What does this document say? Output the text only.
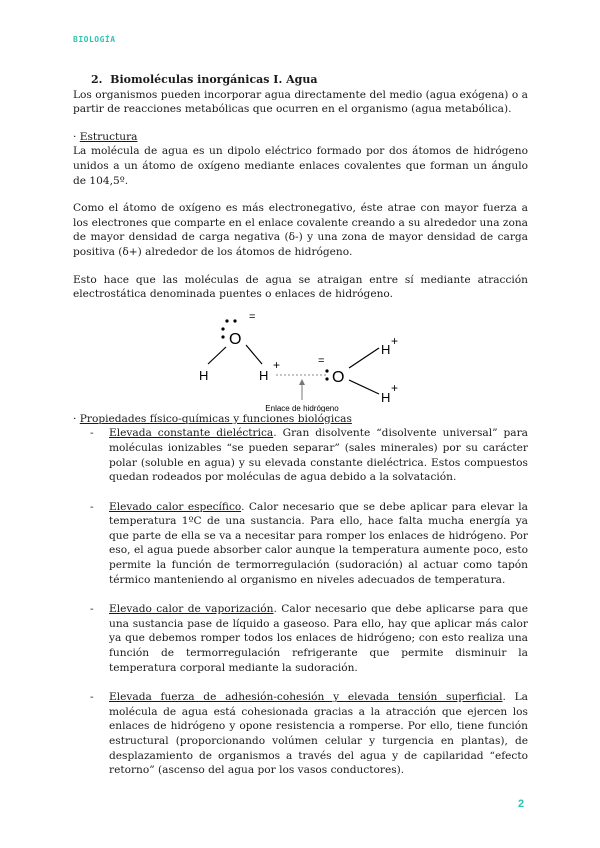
BIOLOGÍA

2. Biomoléculas inorgánicas I. Agua

Los organismos pueden incorporar agua directamente del medio (agua exógena) o a partir de reacciones metabólicas que ocurren en el organismo (agua metabólica).

· Estructura

La molécula de agua es un dipolo eléctrico formado por dos átomos de hidrógeno unidos a un átomo de oxígeno mediante enlaces covalentes que forman un ángulo de 104,5º.

Como el átomo de oxígeno es más electronegativo, éste atrae con mayor fuerza a los electrones que comparte en el enlace covalente creando a su alrededor una zona de mayor densidad de carga negativa (δ-) y una zona de mayor densidad de carga positiva (δ+) alrededor de los átomos de hidrógeno.

Esto hace que las moléculas de agua se atraigan entre sí mediante atracción electrostática denominada puentes o enlaces de hidrógeno.

=
O
H	H
+	=
O
H
+
H
+
Enlace de hidrógeno

· Propiedades físico-químicas y funciones biológicas

- Elevada constante dieléctrica. Gran disolvente “disolvente universal” para moléculas ionizables “se pueden separar” (sales minerales) por su carácter polar (soluble en agua) y su elevada constante dieléctrica. Estos compuestos quedan rodeados por moléculas de agua debido a la solvatación.
- Elevado calor específico. Calor necesario que se debe aplicar para elevar la temperatura 1ºC de una sustancia. Para ello, hace falta mucha energía ya que parte de ella se va a necesitar para romper los enlaces de hidrógeno. Por eso, el agua puede absorber calor aunque la temperatura aumente poco, esto permite la función de termorregulación (sudoración) al actuar como tapón térmico manteniendo al organismo en niveles adecuados de temperatura.
- Elevado calor de vaporización. Calor necesario que debe aplicarse para que una sustancia pase de líquido a gaseoso. Para ello, hay que aplicar más calor ya que debemos romper todos los enlaces de hidrógeno; con esto realiza una función de termorregulación refrigerante que permite disminuir la temperatura corporal mediante la sudoración.
- Elevada fuerza de adhesión-cohesión y elevada tensión superficial. La molécula de agua está cohesionada gracias a la atracción que ejercen los enlaces de hidrógeno y opone resistencia a romperse. Por ello, tiene función estructural (proporcionando volúmen celular y turgencia en plantas), de desplazamiento de organismos a través del agua y de capilaridad “efecto retorno” (ascenso del agua por los vasos conductores).
2
